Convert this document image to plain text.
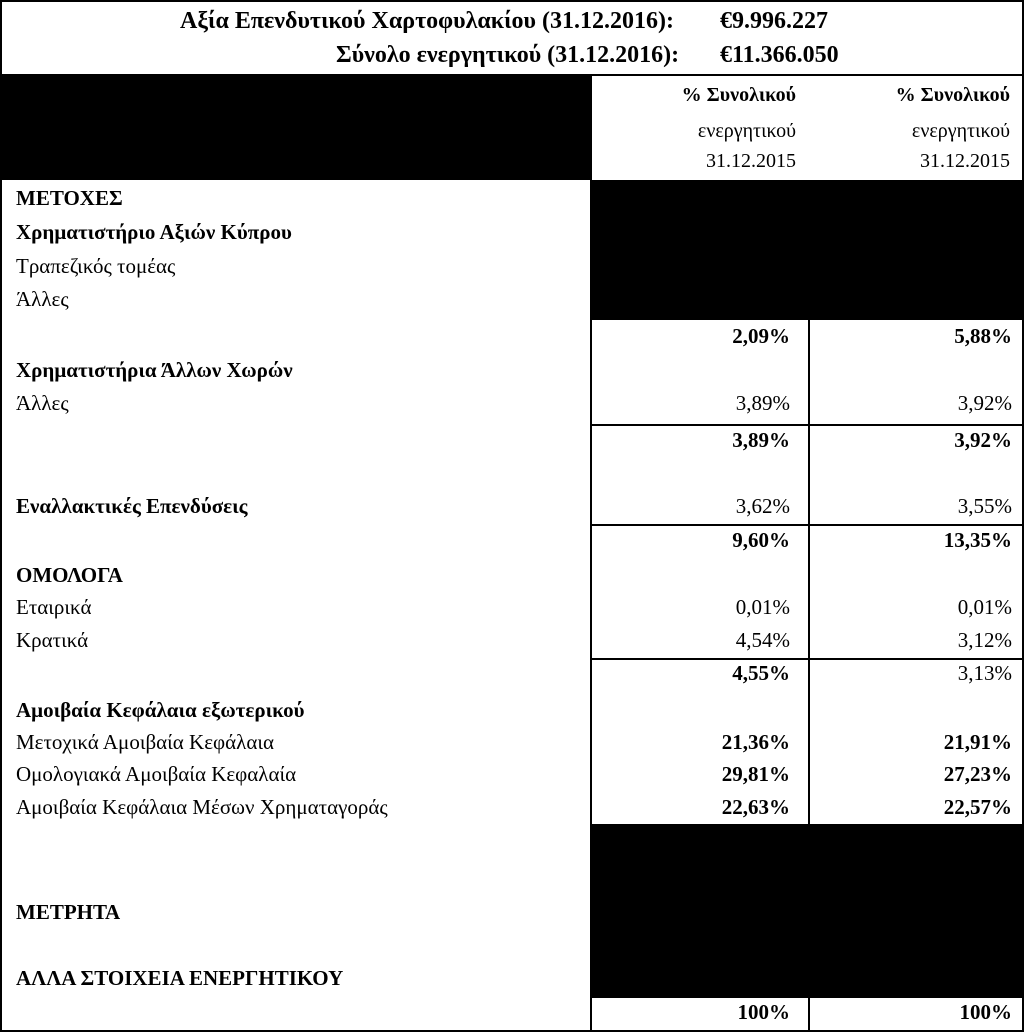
Αξία Επενδυτικού Χαρτοφυλακίου (31.12.2016): €9.996.227
Σύνολο ενεργητικού (31.12.2016): €11.366.050
% Συνολικού
ενεργητικού
31.12.2015
% Συνολικού
ενεργητικού
31.12.2015
ΜΕΤΟΧΕΣ
Χρηματιστήριο Αξιών Κύπρου
Τραπεζικός τομέας
Άλλες
Χρηματιστήρια Άλλων Χωρών
Άλλες
Εναλλακτικές Επενδύσεις
ΟΜΟΛΟΓΑ
Εταιρικά
Κρατικά
Αμοιβαία Κεφάλαια εξωτερικού
Μετοχικά Αμοιβαία Κεφάλαια
Ομολογιακά Αμοιβαία Κεφαλαία
Αμοιβαία Κεφάλαια Μέσων Χρηματαγοράς
ΜΕΤΡΗΤΑ
ΑΛΛΑ ΣΤΟΙΧΕΙΑ ΕΝΕΡΓΗΤΙΚΟΥ
2,09%
3,89%
3,89%
3,62%
9,60%
0,01%
4,54%
4,55%
21,36%
29,81%
22,63%
100%
5,88%
3,92%
3,92%
3,55%
13,35%
0,01%
3,12%
3,13%
21,91%
27,23%
22,57%
100%
